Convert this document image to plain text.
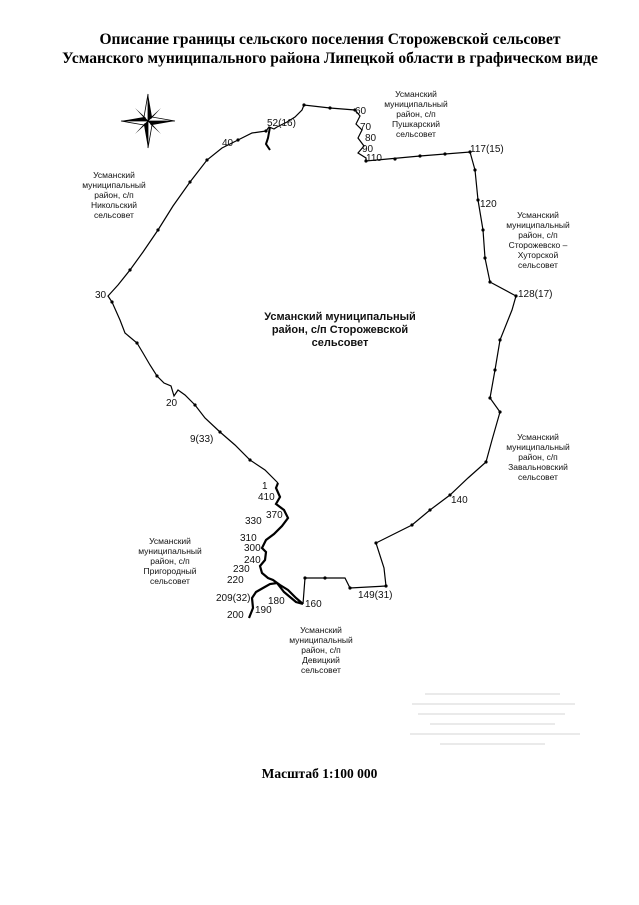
Описание границы сельского поселения Сторожевской сельсовет Усманского муниципального района Липецкой области в графическом виде
52(16)
60
70
80
90
110
117(15)
120
128(17)
140
149(31)
160
180
190
200
209(32)
220
230
240
300
310
330
370
410
1
9(33)
20
30
40
Усманский муниципальный
район, с/п Сторожевской
сельсовет
Усманский
муниципальный
район, с/п
Пушкарский
сельсовет
Усманский
муниципальный
район, с/п
Никольский
сельсовет	Усманский
муниципальный
район, с/п
Сторожевско –
Хуторской
сельсовет
Усманский
муниципальный
район, с/п
Завальновский
сельсовет
Усманский
муниципальный
район, с/п
Пригородный
сельсовет
Усманский
муниципальный
район, с/п
Девицкий
сельсовет
Масштаб 1:100 000
